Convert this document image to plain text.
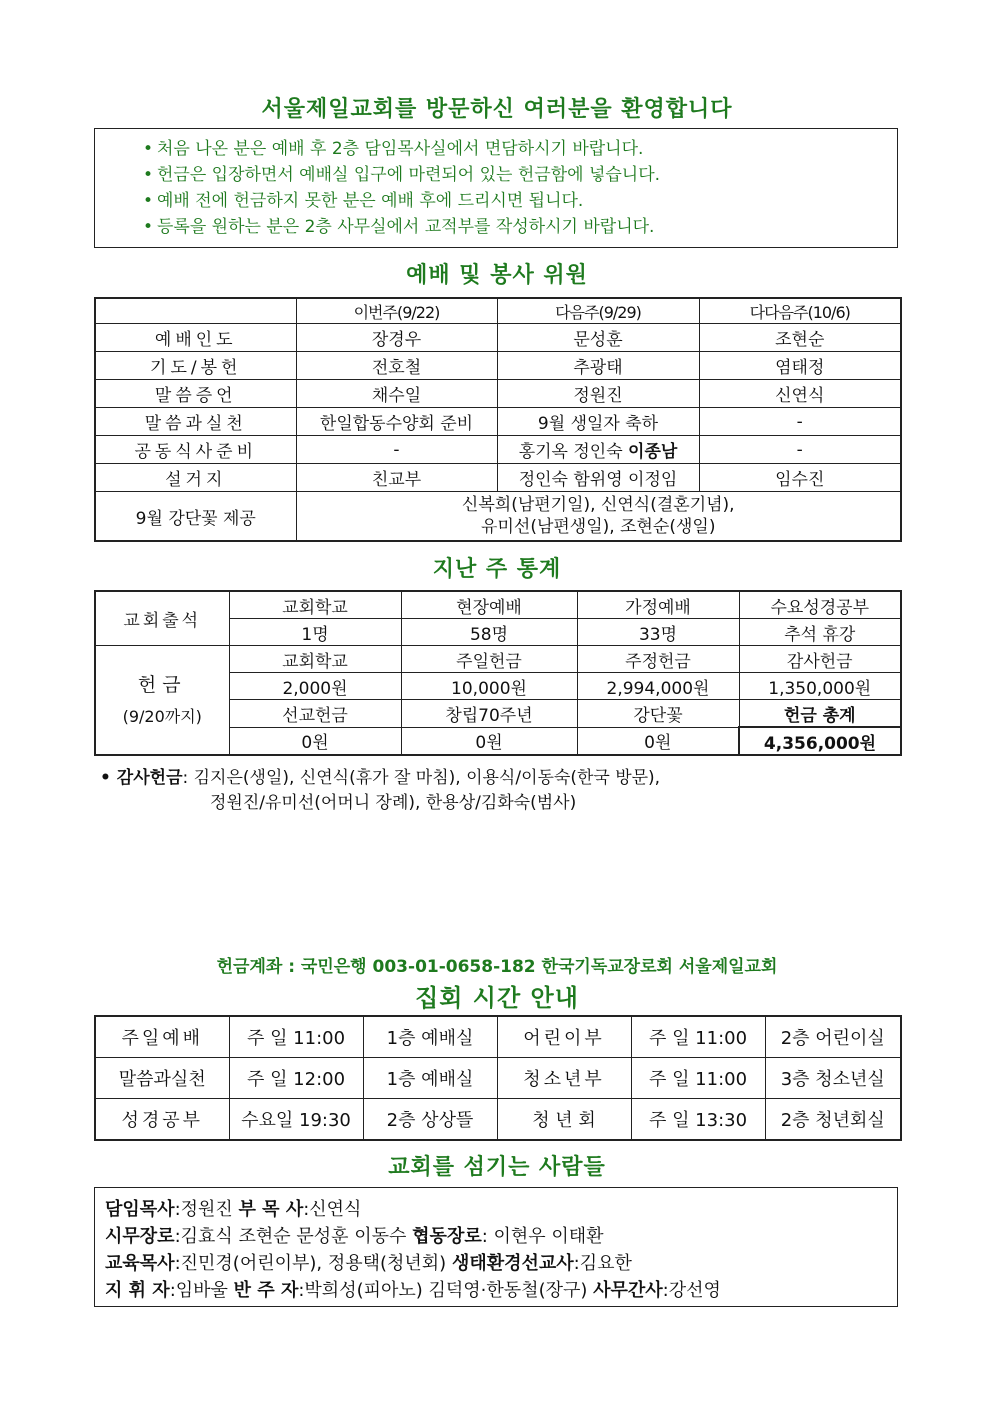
서울제일교회를 방문하신 여러분을 환영합니다
• 처음 나온 분은 예배 후 2층 담임목사실에서 면담하시기 바랍니다.
• 헌금은 입장하면서 예배실 입구에 마련되어 있는 헌금함에 넣습니다.
• 예배 전에 헌금하지 못한 분은 예배 후에 드리시면 됩니다.
• 등록을 원하는 분은 2층 사무실에서 교적부를 작성하시기 바랍니다.
예배 및 봉사 위원
	이번주(9/22)	다음주(9/29)	다다음주(10/6)
예배인도	장경우	문성훈	조현순
기도/봉헌	전호철	추광태	염태정
말씀증언	채수일	정원진	신연식
말씀과실천	한일합동수양회 준비	9월 생일자 축하	-
공동식사준비	-	홍기옥 정인숙 이종남	-
설거지	친교부	정인숙 함위영 이정임	임수진
9월 강단꽃 제공	신복희(남편기일), 신연식(결혼기념),
유미선(남편생일), 조현순(생일)		
지난 주 통계
교회출석	교회학교	현장예배	가정예배	수요성경공부
	1명	58명	33명	추석 휴강

헌금
(9/20까지)	교회학교	주일헌금	주정헌금	감사헌금
	2,000원	10,000원	2,994,000원	1,350,000원
	선교헌금	창립70주년	강단꽃	헌금 총계
	0원	0원	0원	4,356,000원
• 감사헌금: 김지은(생일), 신연식(휴가 잘 마침), 이용식/이동숙(한국 방문),
정원진/유미선(어머니 장례), 한용상/김화숙(범사)
헌금계좌 : 국민은행 003-01-0658-182 한국기독교장로회 서울제일교회
집회 시간 안내
주일예배	주 일 11:00	1층 예배실	어린이부	주 일 11:00	2층 어린이실
말씀과실천	주 일 12:00	1층 예배실	청소년부	주 일 11:00	3층 청소년실
성경공부	수요일 19:30	2층 상상뜰	청 년 회	주 일 13:30	2층 청년회실
교회를 섬기는 사람들
담임목사:정원진 부 목 사:신연식
시무장로:김효식 조현순 문성훈 이동수 협동장로: 이현우 이태환
교육목사:진민경(어린이부), 정용택(청년회) 생태환경선교사:김요한
지 휘 자:임바울 반 주 자:박희성(피아노) 김덕영·한동철(장구) 사무간사:강선영
